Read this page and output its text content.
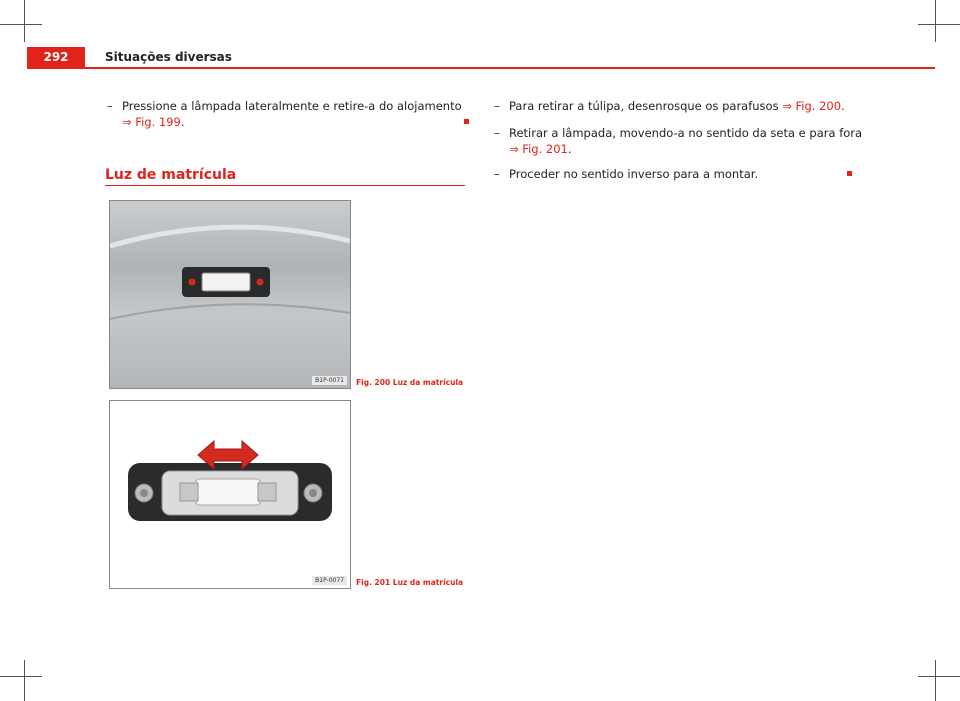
292	Situações diversas
– Pressione a lâmpada lateralmente e retire-a do alojamento
⇒ Fig. 199.
Luz de matrícula
B1P-0071	Fig. 200 Luz da matrícula
B1P-0077	Fig. 201 Luz da matrícula
– Para retirar a túlipa, desenrosque os parafusos ⇒ Fig. 200.
– Retirar a lâmpada, movendo-a no sentido da seta e para fora
⇒ Fig. 201.
– Proceder no sentido inverso para a montar.
